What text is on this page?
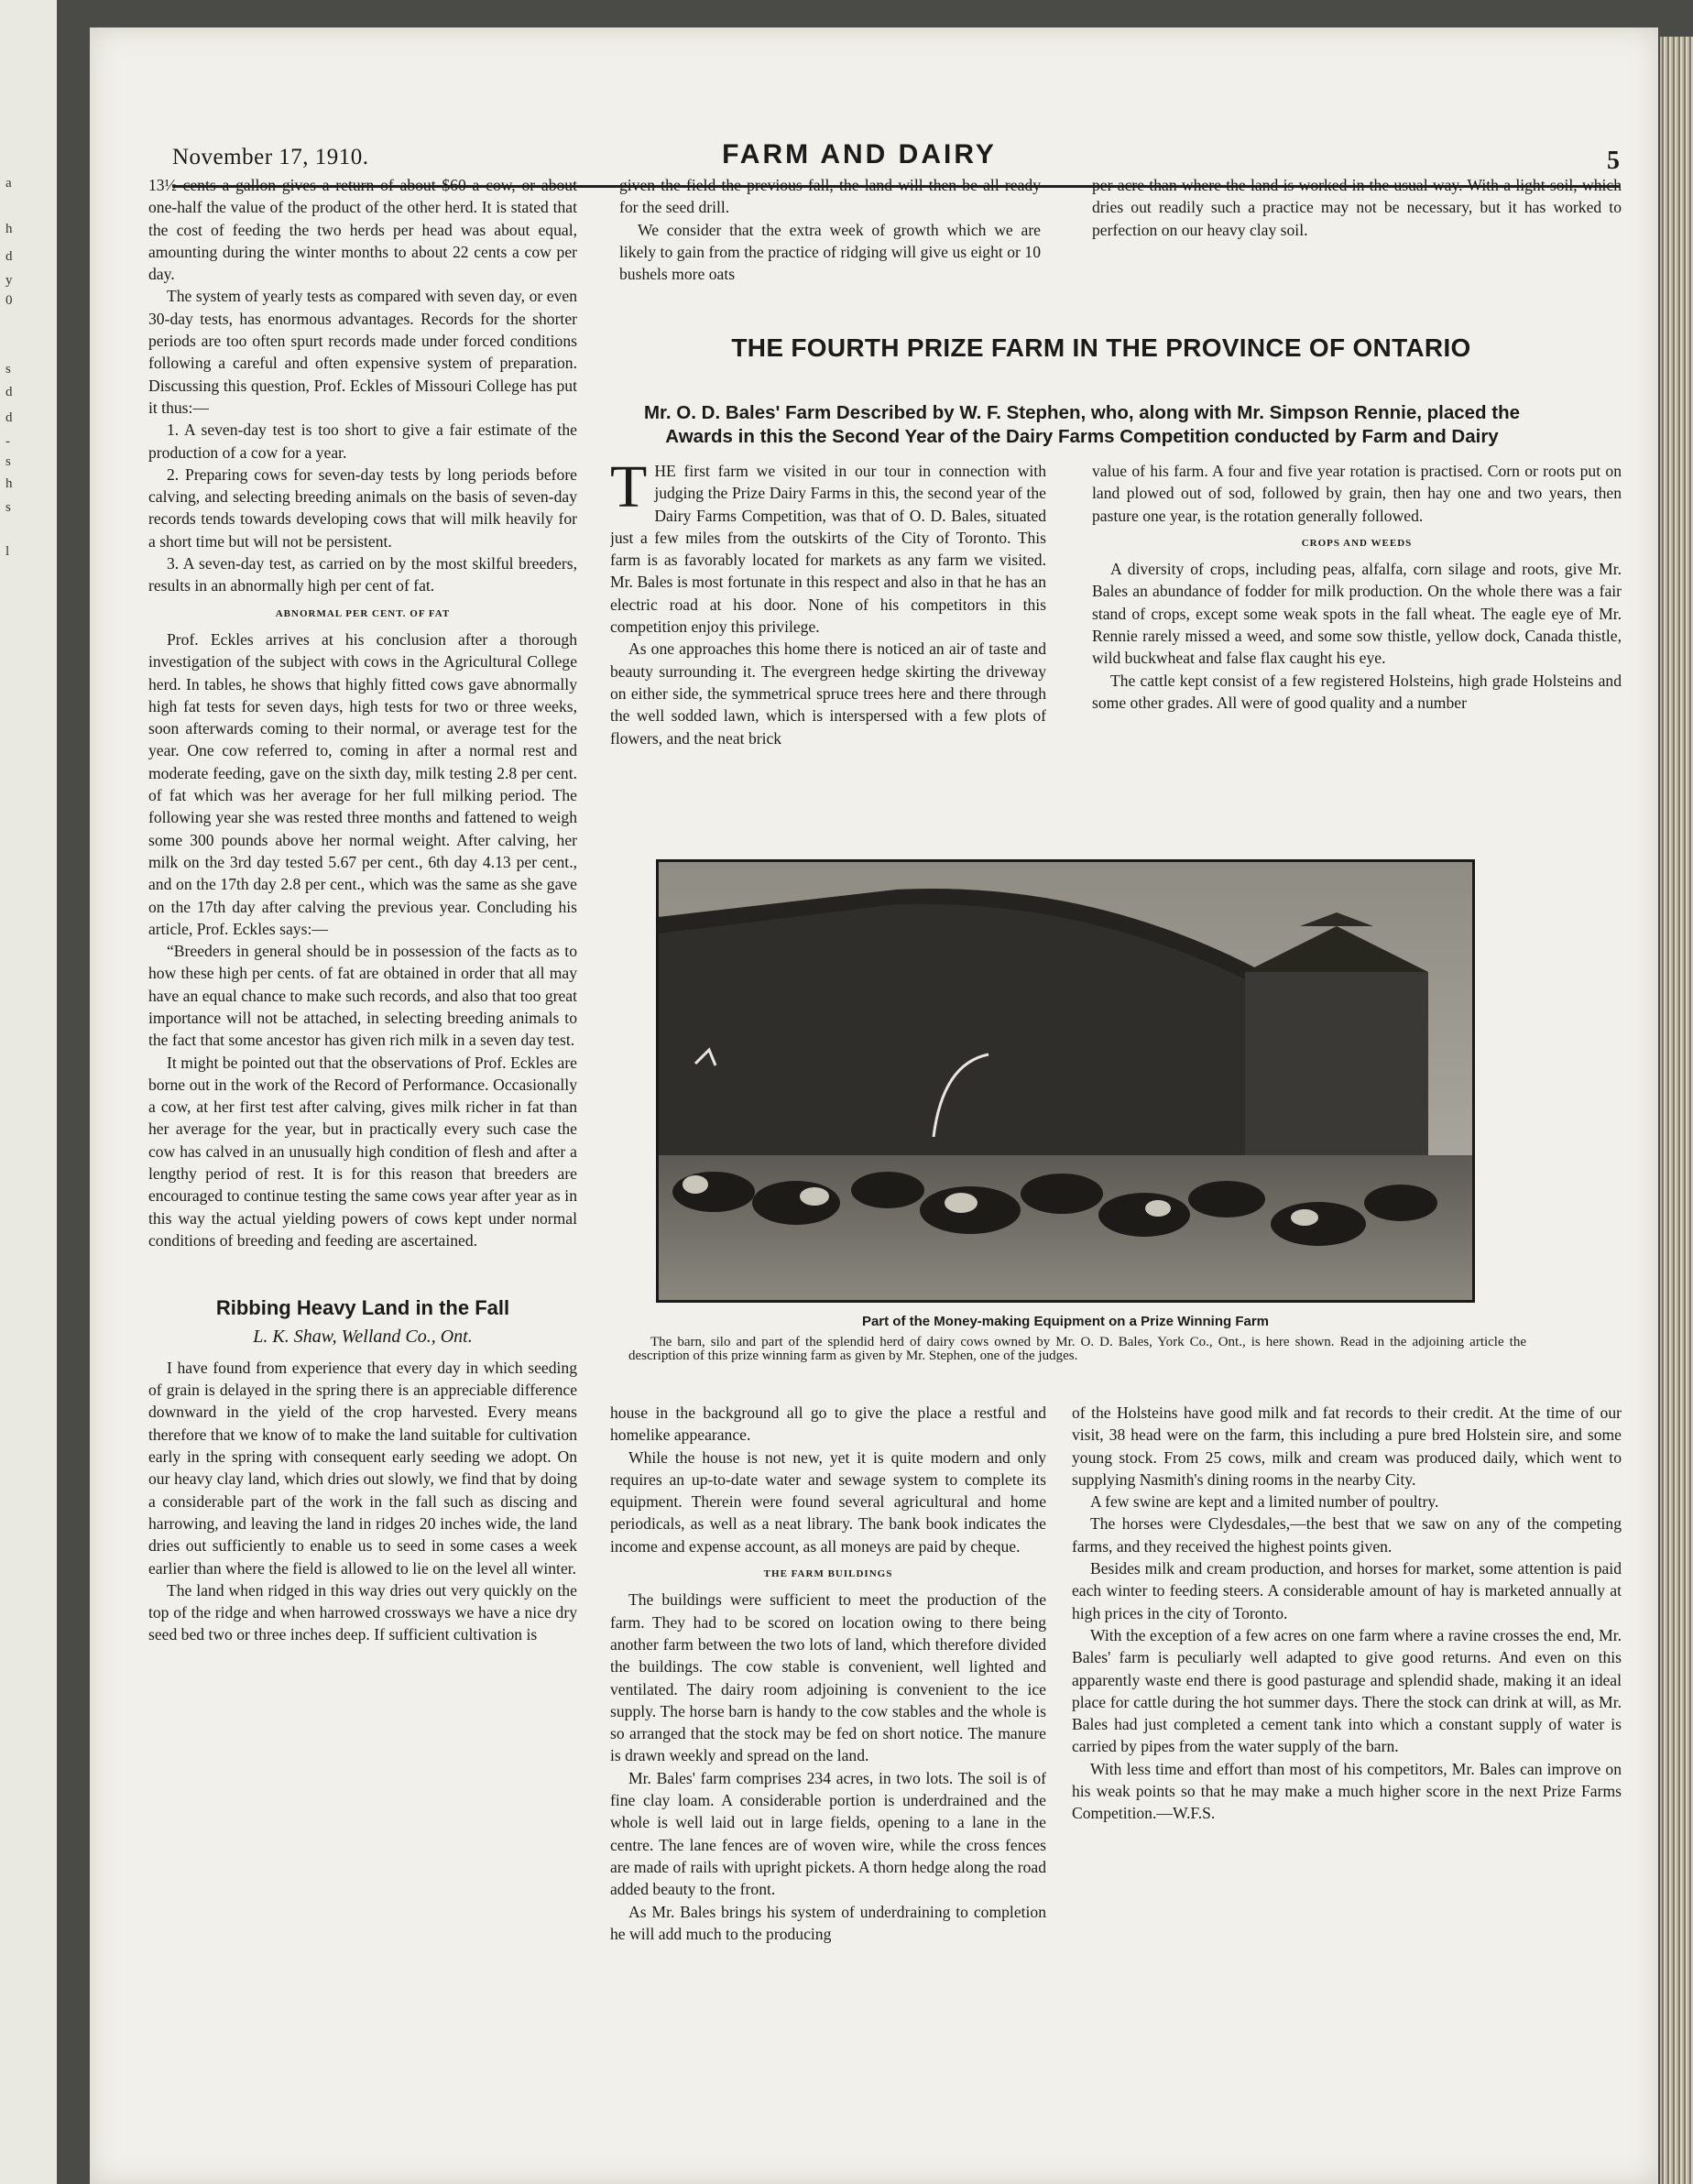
a
h
d
y
0
s
d
d
-
s
h
s
l
November 17, 1910.	FARM AND DAIRY	5

13½ cents a gallon gives a return of about $60 a cow, or about one-half the value of the product of the other herd. It is stated that the cost of feeding the two herds per head was about equal, amounting during the winter months to about 22 cents a cow per day.

The system of yearly tests as compared with seven day, or even 30-day tests, has enormous advantages. Records for the shorter periods are too often spurt records made under forced conditions following a careful and often expensive system of preparation. Discussing this question, Prof. Eckles of Missouri College has put it thus:—

1. A seven-day test is too short to give a fair estimate of the production of a cow for a year.

2. Preparing cows for seven-day tests by long periods before calving, and selecting breeding animals on the basis of seven-day records tends towards developing cows that will milk heavily for a short time but will not be persistent.

3. A seven-day test, as carried on by the most skilful breeders, results in an abnormally high per cent of fat.

ABNORMAL PER CENT. OF FAT

Prof. Eckles arrives at his conclusion after a thorough investigation of the subject with cows in the Agricultural College herd. In tables, he shows that highly fitted cows gave abnormally high fat tests for seven days, high tests for two or three weeks, soon afterwards coming to their normal, or average test for the year. One cow referred to, coming in after a normal rest and moderate feeding, gave on the sixth day, milk testing 2.8 per cent. of fat which was her average for her full milking period. The following year she was rested three months and fattened to weigh some 300 pounds above her normal weight. After calving, her milk on the 3rd day tested 5.67 per cent., 6th day 4.13 per cent., and on the 17th day 2.8 per cent., which was the same as she gave on the 17th day after calving the previous year. Concluding his article, Prof. Eckles says:—

“Breeders in general should be in possession of the facts as to how these high per cents. of fat are obtained in order that all may have an equal chance to make such records, and also that too great importance will not be attached, in selecting breeding animals to the fact that some ancestor has given rich milk in a seven day test.

It might be pointed out that the observations of Prof. Eckles are borne out in the work of the Record of Performance. Occasionally a cow, at her first test after calving, gives milk richer in fat than her average for the year, but in practically every such case the cow has calved in an unusually high condition of flesh and after a lengthy period of rest. It is for this reason that breeders are encouraged to continue testing the same cows year after year as in this way the actual yielding powers of cows kept under normal conditions of breeding and feeding are ascertained.

Ribbing Heavy Land in the Fall

L. K. Shaw, Welland Co., Ont.

I have found from experience that every day in which seeding of grain is delayed in the spring there is an appreciable difference downward in the yield of the crop harvested. Every means therefore that we know of to make the land suitable for cultivation early in the spring with consequent early seeding we adopt. On our heavy clay land, which dries out slowly, we find that by doing a considerable part of the work in the fall such as discing and harrowing, and leaving the land in ridges 20 inches wide, the land dries out sufficiently to enable us to seed in some cases a week earlier than where the field is allowed to lie on the level all winter.

The land when ridged in this way dries out very quickly on the top of the ridge and when harrowed crossways we have a nice dry seed bed two or three inches deep. If sufficient cultivation is

given the field the previous fall, the land will then be all ready for the seed drill.

We consider that the extra week of growth which we are likely to gain from the practice of ridging will give us eight or 10 bushels more oats

per acre than where the land is worked in the usual way. With a light soil, which dries out readily such a practice may not be necessary, but it has worked to perfection on our heavy clay soil.

THE FOURTH PRIZE FARM IN THE PROVINCE OF ONTARIO
Mr. O. D. Bales' Farm Described by W. F. Stephen, who, along with Mr. Simpson Rennie, placed the Awards in this the Second Year of the Dairy Farms Competition conducted by Farm and Dairy
T HE first farm we visited in our tour in connection with judging the Prize Dairy Farms in this, the second year of the Dairy Farms Competition, was that of O. D. Bales, situated just a few miles from the outskirts of the City of Toronto. This farm is as favorably located for markets as any farm we visited. Mr. Bales is most fortunate in this respect and also in that he has an electric road at his door. None of his competitors in this competition enjoy this privilege.

As one approaches this home there is noticed an air of taste and beauty surrounding it. The evergreen hedge skirting the driveway on either side, the symmetrical spruce trees here and there through the well sodded lawn, which is interspersed with a few plots of flowers, and the neat brick

value of his farm. A four and five year rotation is practised. Corn or roots put on land plowed out of sod, followed by grain, then hay one and two years, then pasture one year, is the rotation generally followed.

CROPS AND WEEDS

A diversity of crops, including peas, alfalfa, corn silage and roots, give Mr. Bales an abundance of fodder for milk production. On the whole there was a fair stand of crops, except some weak spots in the fall wheat. The eagle eye of Mr. Rennie rarely missed a weed, and some sow thistle, yellow dock, Canada thistle, wild buckwheat and false flax caught his eye.

The cattle kept consist of a few registered Holsteins, high grade Holsteins and some other grades. All were of good quality and a number

Part of the Money-making Equipment on a Prize Winning Farm
The barn, silo and part of the splendid herd of dairy cows owned by Mr. O. D. Bales, York Co., Ont., is here shown. Read in the adjoining article the description of this prize winning farm as given by Mr. Stephen, one of the judges.

house in the background all go to give the place a restful and homelike appearance.

While the house is not new, yet it is quite modern and only requires an up-to-date water and sewage system to complete its equipment. Therein were found several agricultural and home periodicals, as well as a neat library. The bank book indicates the income and expense account, as all moneys are paid by cheque.

THE FARM BUILDINGS

The buildings were sufficient to meet the production of the farm. They had to be scored on location owing to there being another farm between the two lots of land, which therefore divided the buildings. The cow stable is convenient, well lighted and ventilated. The dairy room adjoining is convenient to the ice supply. The horse barn is handy to the cow stables and the whole is so arranged that the stock may be fed on short notice. The manure is drawn weekly and spread on the land.

Mr. Bales' farm comprises 234 acres, in two lots. The soil is of fine clay loam. A considerable portion is underdrained and the whole is well laid out in large fields, opening to a lane in the centre. The lane fences are of woven wire, while the cross fences are made of rails with upright pickets. A thorn hedge along the road added beauty to the front.

As Mr. Bales brings his system of underdraining to completion he will add much to the producing

of the Holsteins have good milk and fat records to their credit. At the time of our visit, 38 head were on the farm, this including a pure bred Holstein sire, and some young stock. From 25 cows, milk and cream was produced daily, which went to supplying Nasmith's dining rooms in the nearby City.

A few swine are kept and a limited number of poultry.

The horses were Clydesdales,—the best that we saw on any of the competing farms, and they received the highest points given.

Besides milk and cream production, and horses for market, some attention is paid each winter to feeding steers. A considerable amount of hay is marketed annually at high prices in the city of Toronto.

With the exception of a few acres on one farm where a ravine crosses the end, Mr. Bales' farm is peculiarly well adapted to give good returns. And even on this apparently waste end there is good pasturage and splendid shade, making it an ideal place for cattle during the hot summer days. There the stock can drink at will, as Mr. Bales had just completed a cement tank into which a constant supply of water is carried by pipes from the water supply of the barn.

With less time and effort than most of his competitors, Mr. Bales can improve on his weak points so that he may make a much higher score in the next Prize Farms Competition.—W.F.S.
